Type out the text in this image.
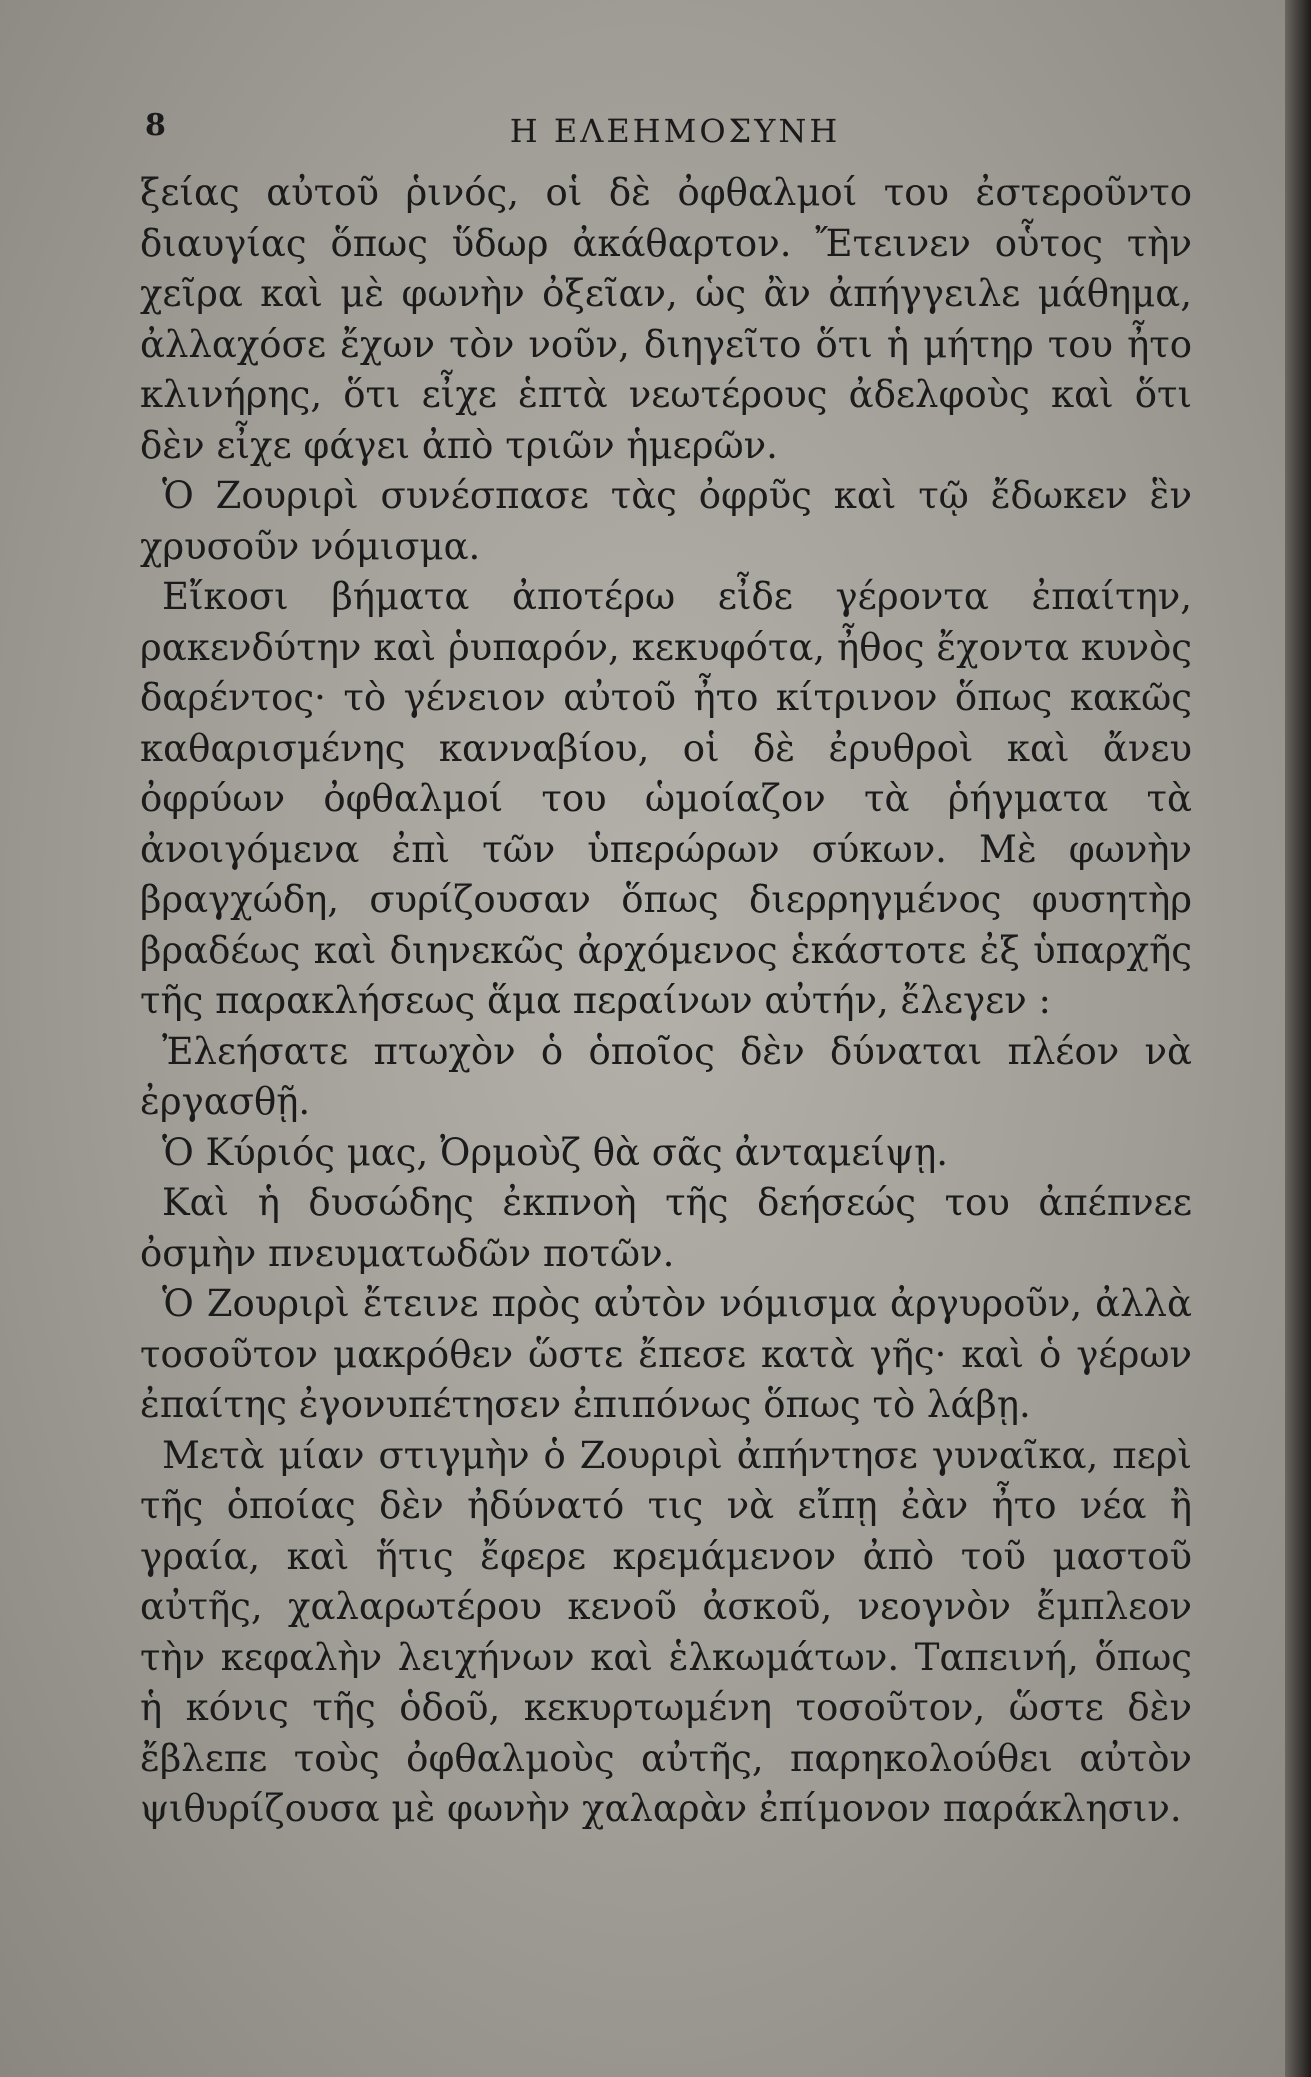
8	Η ΕΛΕΗΜΟΣΥΝΗ

ξείας αὐτοῦ ῥινός, οἱ δὲ ὀφθαλμοί του ἐστεροῦντο διαυγίας ὅπως ὕδωρ ἀκάθαρτον. Ἔτεινεν οὗτος τὴν χεῖρα καὶ μὲ φωνὴν ὀξεῖαν, ὡς ἂν ἀπήγγειλε μάθημα, ἀλλαχόσε ἔχων τὸν νοῦν, διηγεῖτο ὅτι ἡ μήτηρ του ἦτο κλινήρης, ὅτι εἶχε ἑπτὰ νεωτέρους ἀδελφοὺς καὶ ὅτι δὲν εἶχε φάγει ἀπὸ τριῶν ἡμερῶν.

Ὁ Ζουριρὶ συνέσπασε τὰς ὀφρῦς καὶ τῷ ἔδωκεν ἓν χρυσοῦν νόμισμα.

Εἴκοσι βήματα ἀποτέρω εἶδε γέροντα ἐπαίτην, ρακενδύτην καὶ ῥυπαρόν, κεκυφότα, ἦθος ἔχοντα κυνὸς δαρέντος· τὸ γένειον αὐτοῦ ἦτο κίτρινον ὅπως κακῶς καθαρισμένης κανναβίου, οἱ δὲ ἐρυθροὶ καὶ ἄνευ ὀφρύων ὀφθαλμοί του ὡμοίαζον τὰ ῥήγματα τὰ ἀνοιγόμενα ἐπὶ τῶν ὑπερώρων σύκων. Μὲ φωνὴν βραγχώδη, συρίζουσαν ὅπως διερρηγμένος φυσητὴρ βραδέως καὶ διηνεκῶς ἀρχόμενος ἑκάστοτε ἐξ ὑπαρχῆς τῆς παρακλήσεως ἅμα περαίνων αὐτήν, ἔλεγεν :

Ἐλεήσατε πτωχὸν ὁ ὁποῖος δὲν δύναται πλέον νὰ ἐργασθῇ.

Ὁ Κύριός μας, Ὀρμοὺζ θὰ σᾶς ἀνταμείψῃ.

Καὶ ἡ δυσώδης ἐκπνοὴ τῆς δεήσεώς του ἀπέπνεε ὀσμὴν πνευματωδῶν ποτῶν.

Ὁ Ζουριρὶ ἔτεινε πρὸς αὐτὸν νόμισμα ἀργυροῦν, ἀλλὰ τοσοῦτον μακρόθεν ὥστε ἔπεσε κατὰ γῆς· καὶ ὁ γέρων ἐπαίτης ἐγονυπέτησεν ἐπιπόνως ὅπως τὸ λάβῃ.

Μετὰ μίαν στιγμὴν ὁ Ζουριρὶ ἀπήντησε γυναῖκα, περὶ τῆς ὁποίας δὲν ἠδύνατό τις νὰ εἴπῃ ἐὰν ἦτο νέα ἢ γραία, καὶ ἥτις ἔφερε κρεμάμενον ἀπὸ τοῦ μαστοῦ αὐτῆς, χαλαρωτέρου κενοῦ ἀσκοῦ, νεογνὸν ἔμπλεον τὴν κεφαλὴν λειχήνων καὶ ἑλκωμάτων. Ταπεινή, ὅπως ἡ κόνις τῆς ὁδοῦ, κεκυρτωμένη τοσοῦτον, ὥστε δὲν ἔβλεπε τοὺς ὀφθαλμοὺς αὐτῆς, παρηκολούθει αὐτὸν ψιθυρίζουσα μὲ φωνὴν χαλαρὰν ἐπίμονον παράκλησιν.
